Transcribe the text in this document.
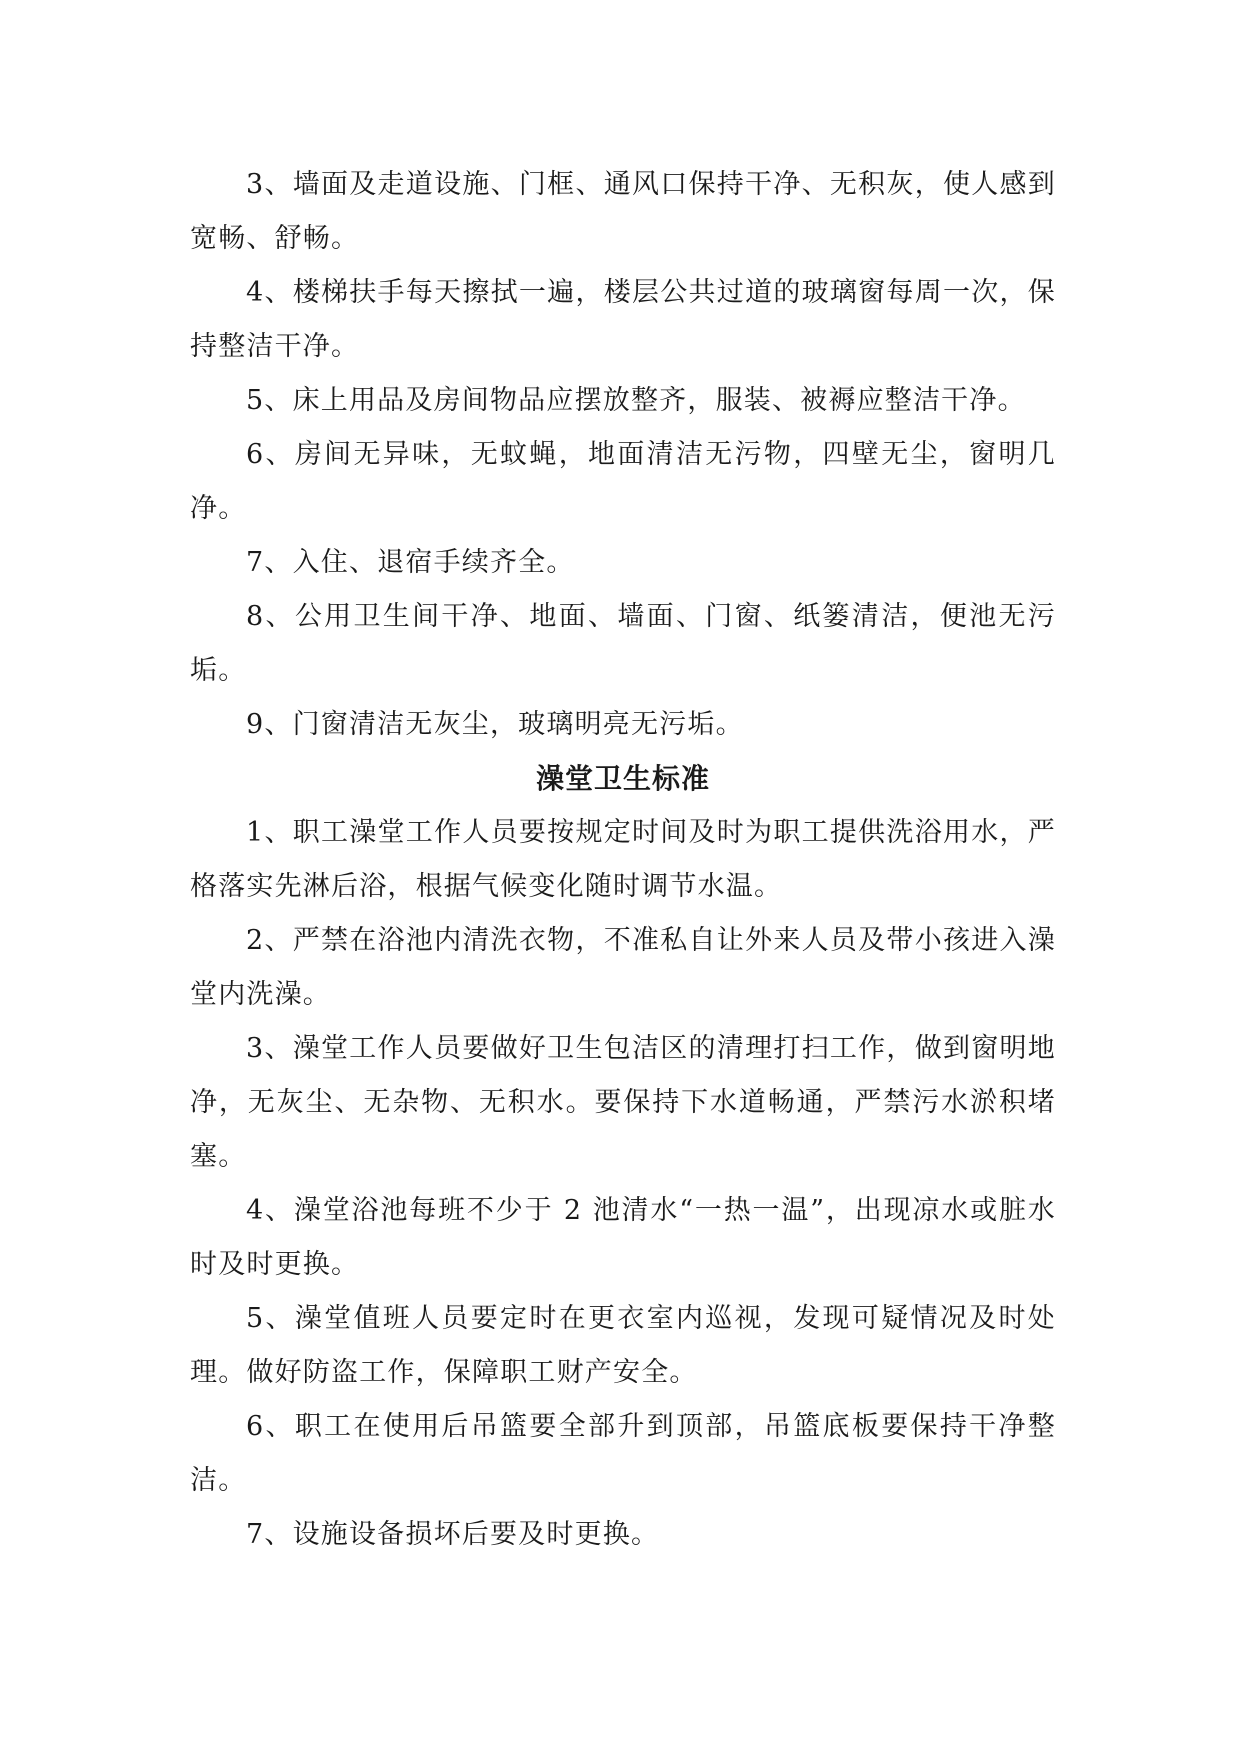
3、墙面及走道设施、门框、通风口保持干净、无积灰，使人感到宽畅、舒畅。

4、楼梯扶手每天擦拭一遍，楼层公共过道的玻璃窗每周一次，保持整洁干净。

5、床上用品及房间物品应摆放整齐，服装、被褥应整洁干净。

6、房间无异味，无蚊蝇，地面清洁无污物，四壁无尘，窗明几净。

7、入住、退宿手续齐全。

8、公用卫生间干净、地面、墙面、门窗、纸篓清洁，便池无污垢。

9、门窗清洁无灰尘，玻璃明亮无污垢。

澡堂卫生标准

1、职工澡堂工作人员要按规定时间及时为职工提供洗浴用水，严格落实先淋后浴，根据气候变化随时调节水温。

2、严禁在浴池内清洗衣物，不准私自让外来人员及带小孩进入澡堂内洗澡。

3、澡堂工作人员要做好卫生包洁区的清理打扫工作，做到窗明地净，无灰尘、无杂物、无积水。要保持下水道畅通，严禁污水淤积堵塞。

4、澡堂浴池每班不少于 2 池清水“一热一温”，出现凉水或脏水时及时更换。

5、澡堂值班人员要定时在更衣室内巡视，发现可疑情况及时处理。做好防盗工作，保障职工财产安全。

6、职工在使用后吊篮要全部升到顶部，吊篮底板要保持干净整洁。

7、设施设备损坏后要及时更换。
